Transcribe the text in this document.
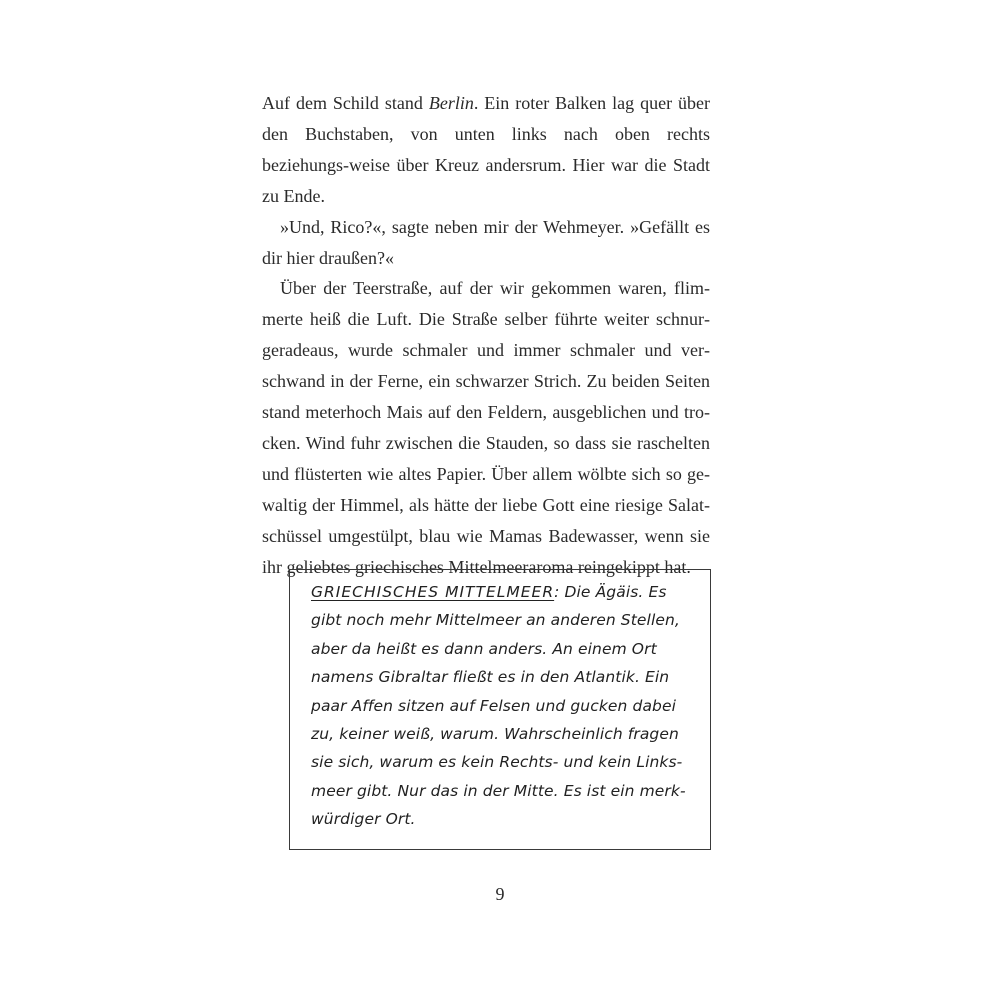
Auf dem Schild stand Berlin. Ein roter Balken lag quer über den Buchstaben, von unten links nach oben rechts beziehungs-weise über Kreuz andersrum. Hier war die Stadt zu Ende.

»Und, Rico?«, sagte neben mir der Wehmeyer. »Gefällt es dir hier draußen?«

Über der Teerstraße, auf der wir gekommen waren, flimmerte heiß die Luft. Die Straße selber führte weiter schnurgeradeaus, wurde schmaler und immer schmaler und verschwand in der Ferne, ein schwarzer Strich. Zu beiden Seiten stand meterhoch Mais auf den Feldern, ausgeblichen und trocken. Wind fuhr zwischen die Stauden, so dass sie raschelten und flüsterten wie altes Papier. Über allem wölbte sich so gewaltig der Himmel, als hätte der liebe Gott eine riesige Salatschüssel umgestülpt, blau wie Mamas Badewasser, wenn sie ihr geliebtes griechisches Mittelmeeraroma reingekippt hat.

GRIECHISCHES MITTELMEER: Die Ägäis. Es
gibt noch mehr Mittelmeer an anderen Stellen,
aber da heißt es dann anders. An einem Ort
namens Gibraltar fließt es in den Atlantik. Ein
paar Affen sitzen auf Felsen und gucken dabei
zu, keiner weiß, warum. Wahrscheinlich fragen
sie sich, warum es kein Rechts- und kein Links-
meer gibt. Nur das in der Mitte. Es ist ein merk-
würdiger Ort.
9
